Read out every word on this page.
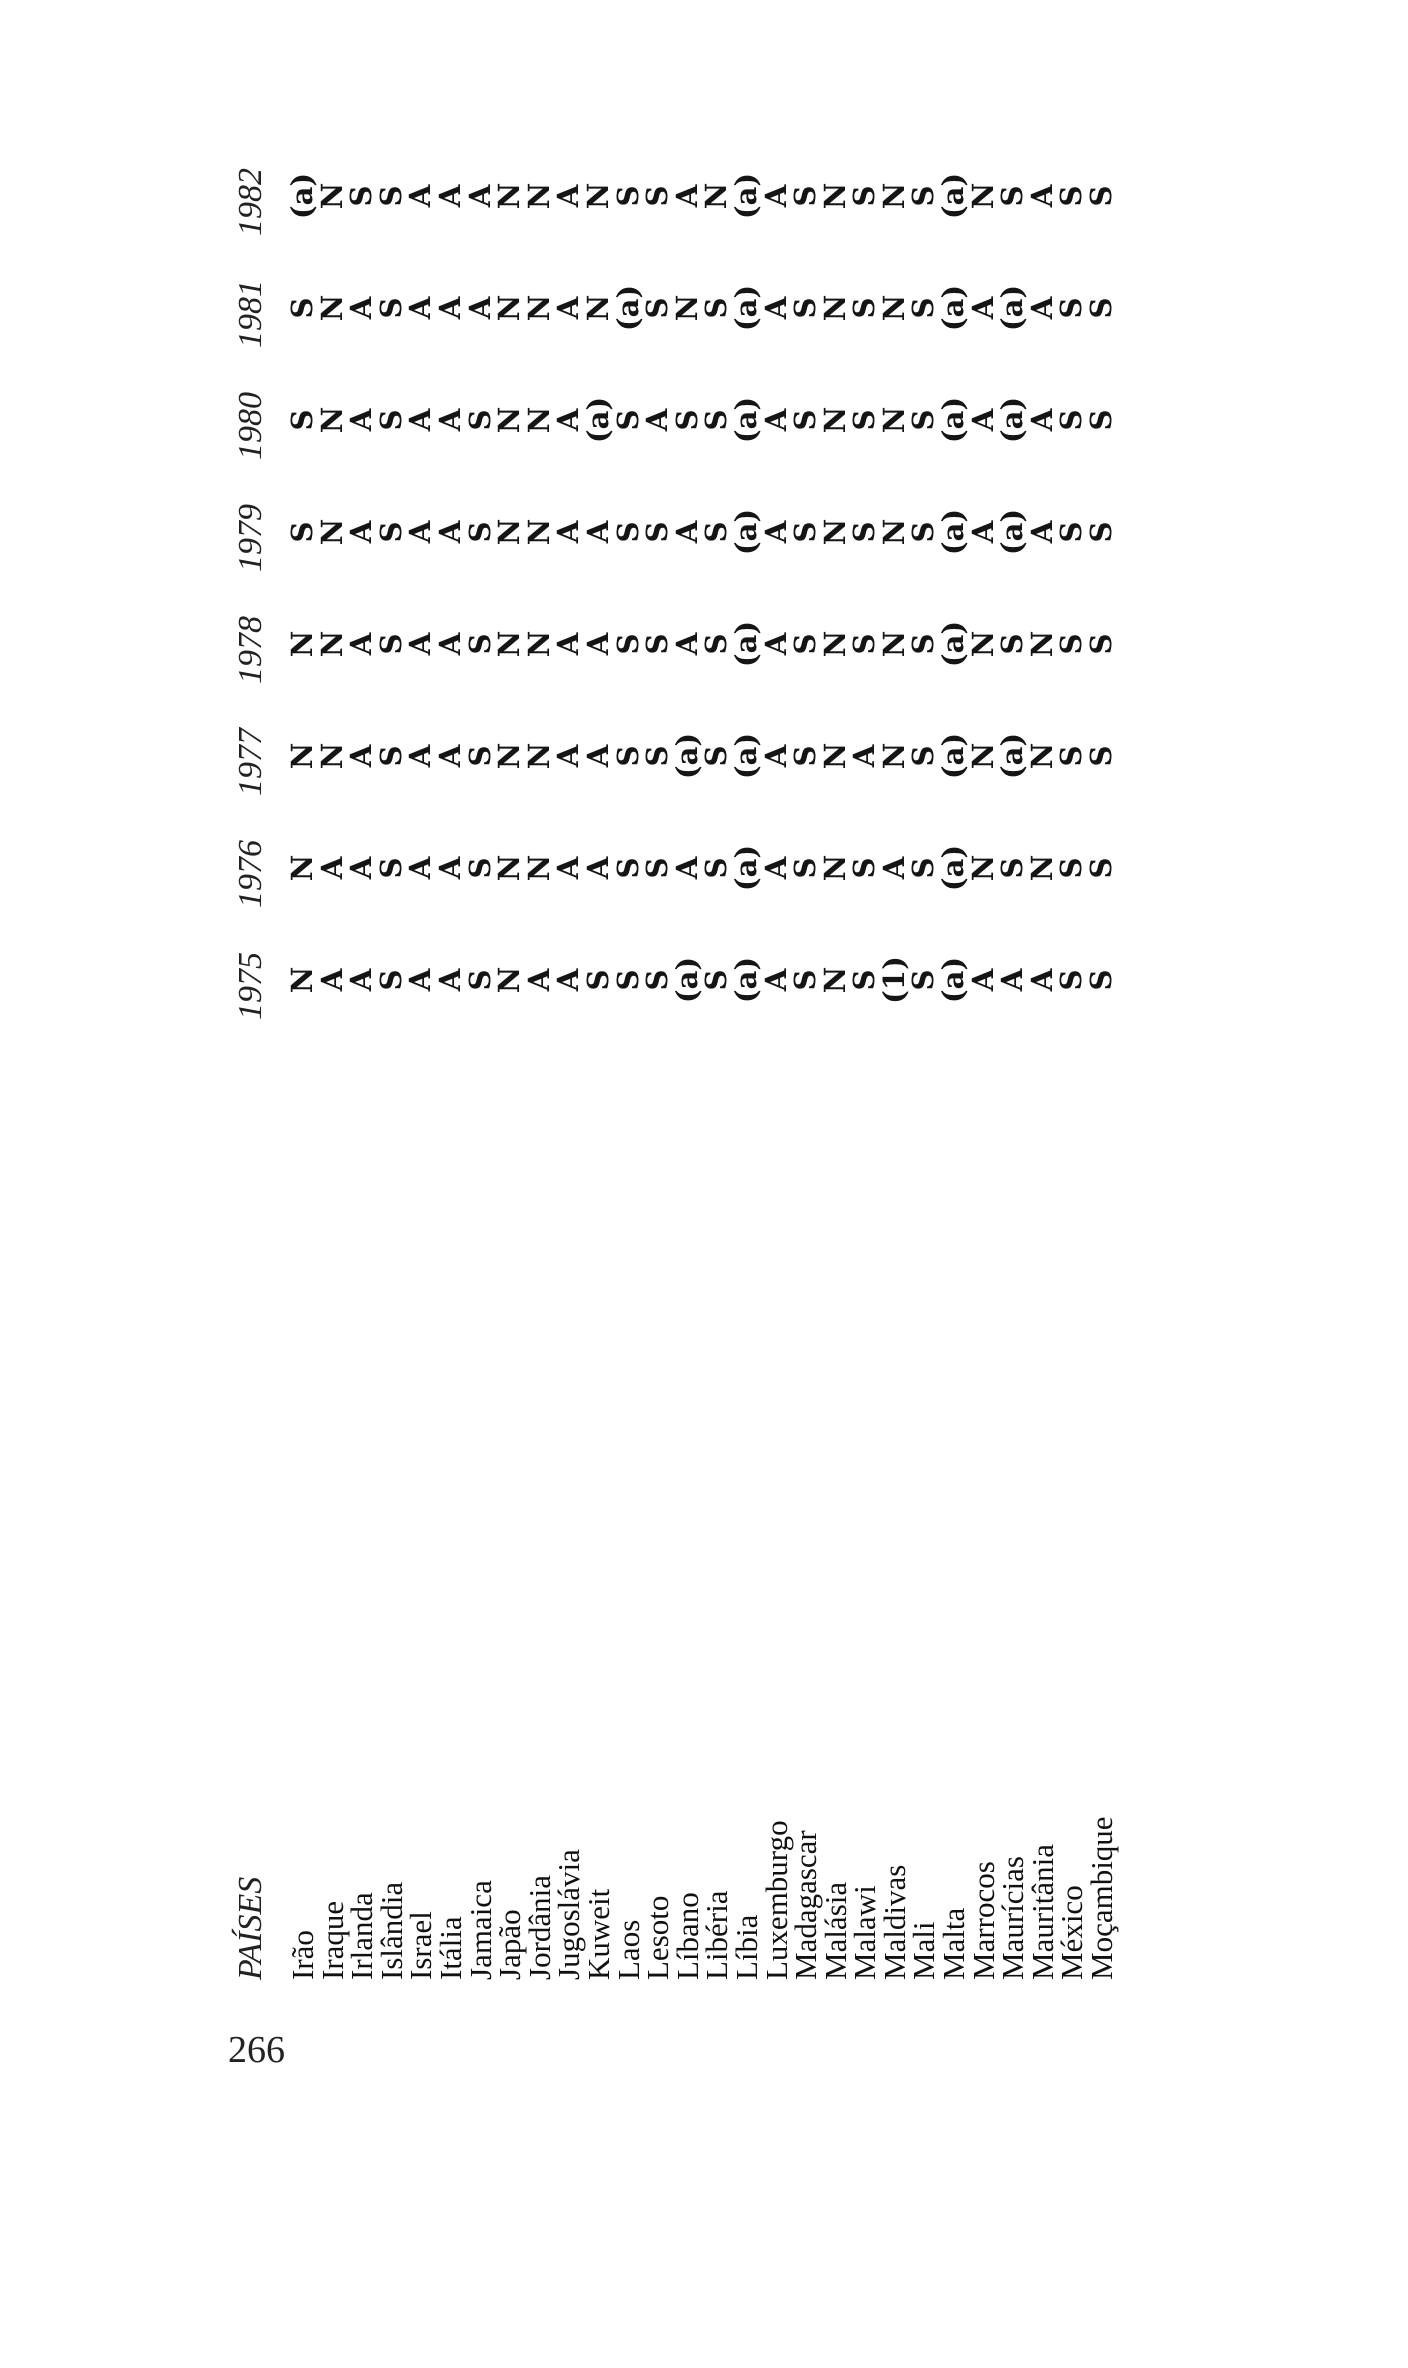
PAÍSES
1975
1976
1977
1978
1979
1980
1981
1982
Irão
N
N
N
N
S
S
S
(a)
Iraque
A
A
N
N
N
N
N
N
Irlanda
A
A
A
A
A
A
A
S
Islândia
S
S
S
S
S
S
S
S
Israel
A
A
A
A
A
A
A
A
Itália
A
A
A
A
A
A
A
A
Jamaica
S
S
S
S
S
S
A
A
Japão
N
N
N
N
N
N
N
N
Jordânia
A
N
N
N
N
N
N
N
Jugoslávia
A
A
A
A
A
A
A
A
Kuweit
S
A
A
A
A
(a)
N
N
Laos
S
S
S
S
S
S
(a)
S
Lesoto
S
S
S
S
S
A
S
S
Líbano
(a)
A
(a)
A
A
S
N
A
Libéria
S
S
S
S
S
S
S
N
Líbia
(a)
(a)
(a)
(a)
(a)
(a)
(a)
(a)
Luxemburgo
A
A
A
A
A
A
A
A
Madagascar
S
S
S
S
S
S
S
S
Malásia
N
N
N
N
N
N
N
N
Malawi
S
S
A
S
S
S
S
S
Maldivas
(1)
A
N
N
N
N
N
N
Mali
S
S
S
S
S
S
S
S
Malta
(a)
(a)
(a)
(a)
(a)
(a)
(a)
(a)
Marrocos
A
N
N
N
A
A
A
N
Maurícias
A
S
(a)
S
(a)
(a)
(a)
S
Mauritânia
A
N
N
N
A
A
A
A
México
S
S
S
S
S
S
S
S
Moçambique
S
S
S
S
S
S
S
S
266
